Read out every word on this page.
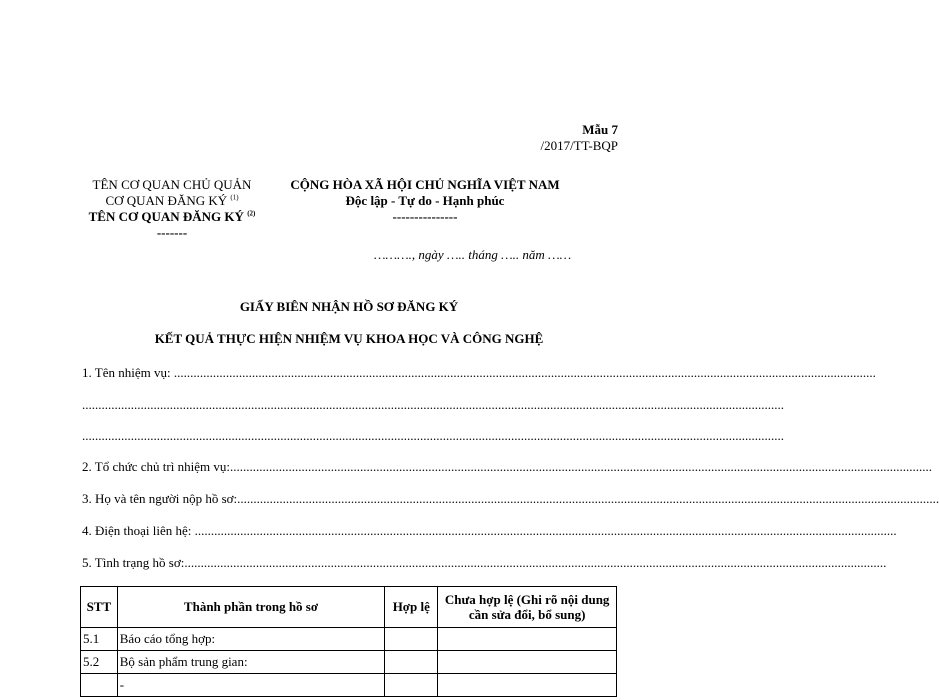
Mẫu 7
/2017/TT-BQP
TÊN CƠ QUAN CHỦ QUẢN
CƠ QUAN ĐĂNG KÝ $^{(1)}$
TÊN CƠ QUAN ĐĂNG KÝ $^{(2)}$
-------
CỘNG HÒA XÃ HỘI CHỦ NGHĨA VIỆT NAM
Độc lập - Tự do - Hạnh phúc
---------------
………., ngày ….. tháng ….. năm ……
GIẤY BIÊN NHẬN HỒ SƠ ĐĂNG KÝ
KẾT QUẢ THỰC HIỆN NHIỆM VỤ KHOA HỌC VÀ CÔNG NGHỆ
1. Tên nhiệm vụ: ........................................................................................................................................................................................................................
........................................................................................................................................................................................................................
........................................................................................................................................................................................................................
2. Tổ chức chủ trì nhiệm vụ:........................................................................................................................................................................................................................
3. Họ và tên người nộp hồ sơ:........................................................................................................................................................................................................................
4. Điện thoại liên hệ: ........................................................................................................................................................................................................................
5. Tình trạng hồ sơ:........................................................................................................................................................................................................................
STT	Thành phần trong hồ sơ	Hợp lệ	Chưa hợp lệ (Ghi rõ nội dung cần sửa đổi, bổ sung)
5.1	Báo cáo tổng hợp:		
5.2	Bộ sản phẩm trung gian:		
	-		
